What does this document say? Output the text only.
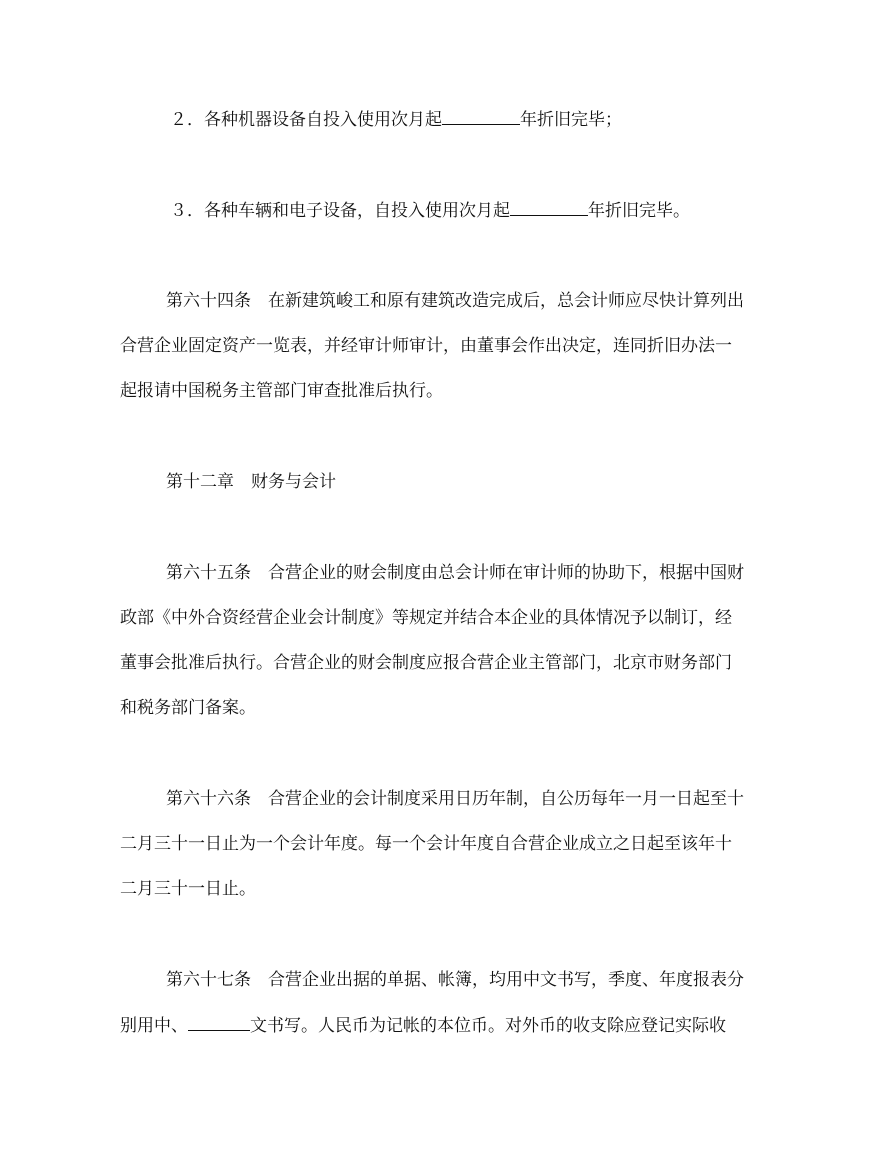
２．各种机器设备自投入使用次月起	年折旧完毕；
３．各种车辆和电子设备，自投入使用次月起	年折旧完毕。
第六十四条　在新建筑峻工和原有建筑改造完成后，总会计师应尽快计算列出
合营企业固定资产一览表，并经审计师审计，由董事会作出决定，连同折旧办法一
起报请中国税务主管部门审查批准后执行。
第十二章　财务与会计
第六十五条　合营企业的财会制度由总会计师在审计师的协助下，根据中国财
政部《中外合资经营企业会计制度》等规定并结合本企业的具体情况予以制订，经
董事会批准后执行。合营企业的财会制度应报合营企业主管部门，北京市财务部门
和税务部门备案。
第六十六条　合营企业的会计制度采用日历年制，自公历每年一月一日起至十
二月三十一日止为一个会计年度。每一个会计年度自合营企业成立之日起至该年十
二月三十一日止。
第六十七条　合营企业出据的单据、帐簿，均用中文书写，季度、年度报表分
别用中、	文书写。人民币为记帐的本位币。对外币的收支除应登记实际收
